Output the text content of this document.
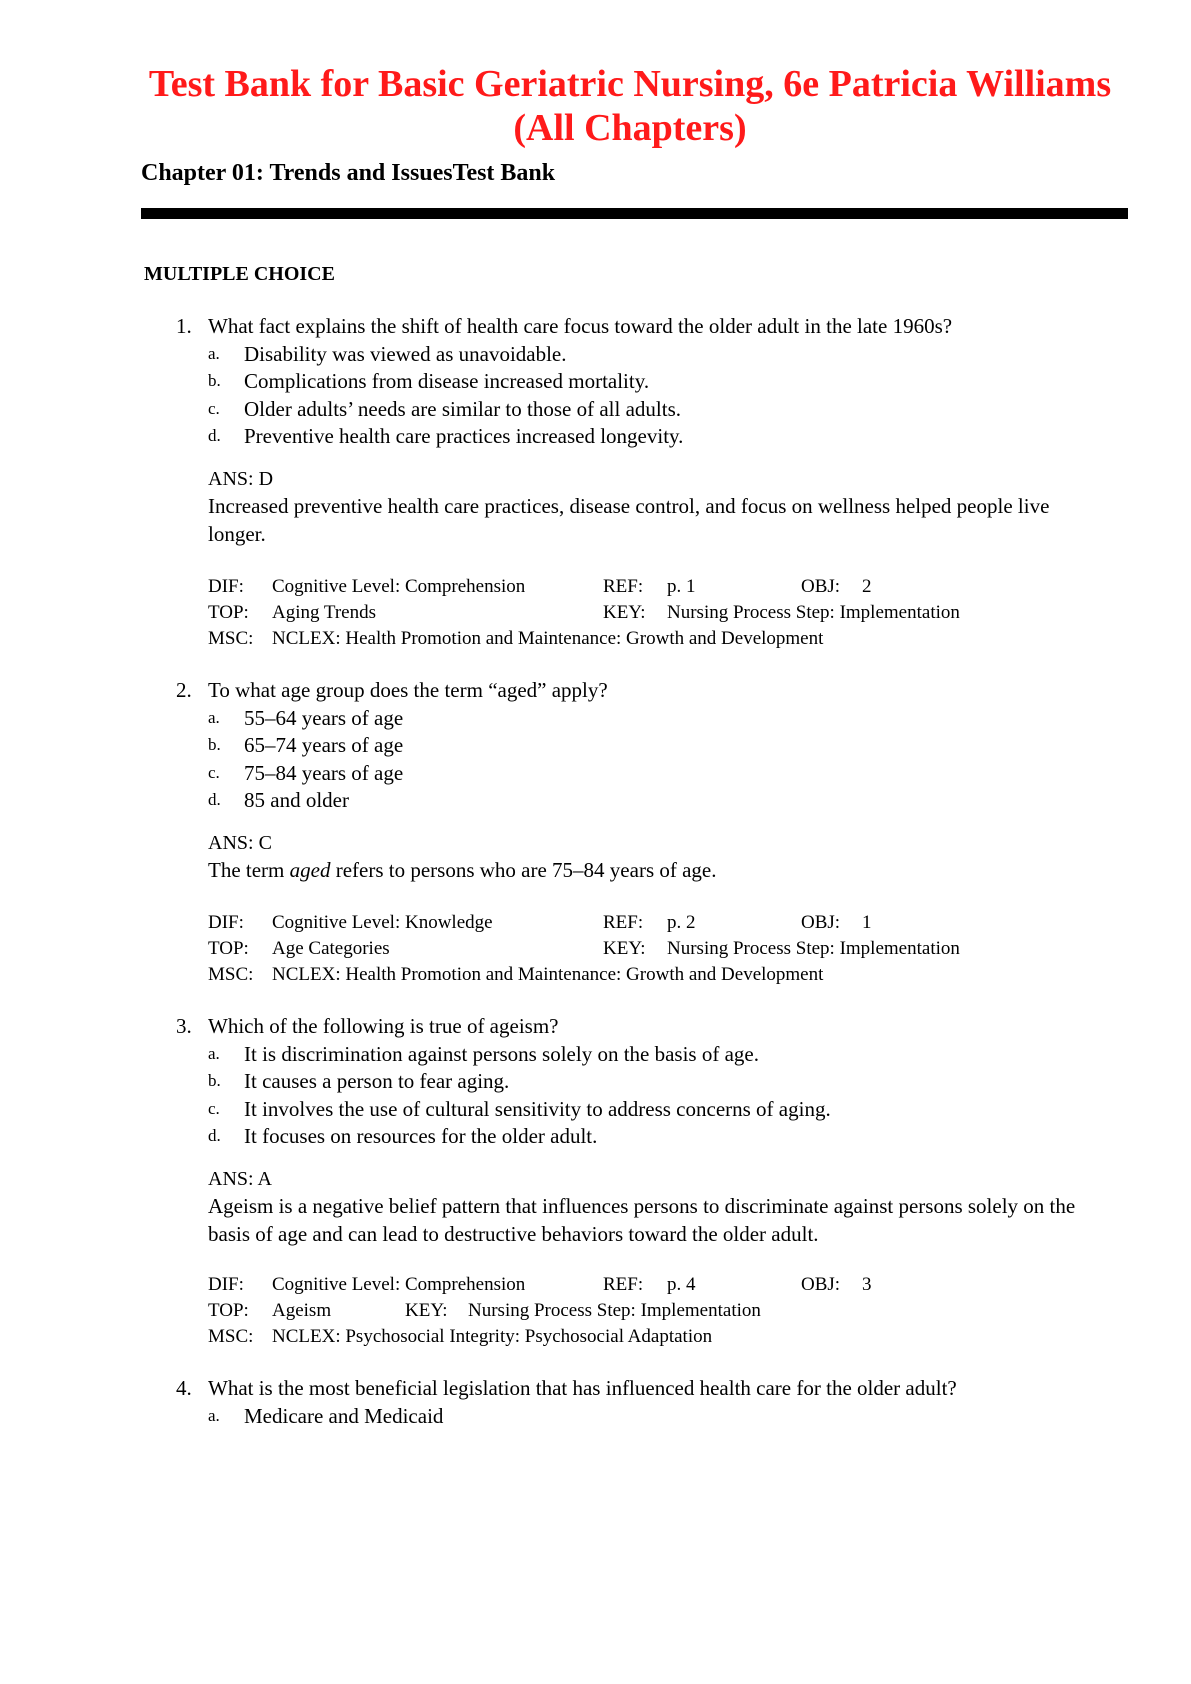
Test Bank for Basic Geriatric Nursing, 6e Patricia Williams (All Chapters)
Chapter 01: Trends and IssuesTest Bank
MULTIPLE CHOICE
1. What fact explains the shift of health care focus toward the older adult in the late 1960s?
a. Disability was viewed as unavoidable.
b. Complications from disease increased mortality.
c. Older adults’ needs are similar to those of all adults.
d. Preventive health care practices increased longevity.
ANS: D
Increased preventive health care practices, disease control, and focus on wellness helped people live longer.
DIF: Cognitive Level: Comprehension	REF: p. 1	OBJ: 2
TOP: Aging Trends	KEY: Nursing Process Step: Implementation
MSC: NCLEX: Health Promotion and Maintenance: Growth and Development
2. To what age group does the term “aged” apply?
a. 55–64 years of age
b. 65–74 years of age
c. 75–84 years of age
d. 85 and older
ANS: C
The term aged refers to persons who are 75–84 years of age.
DIF: Cognitive Level: Knowledge	REF: p. 2	OBJ: 1
TOP: Age Categories	KEY: Nursing Process Step: Implementation
MSC: NCLEX: Health Promotion and Maintenance: Growth and Development
3. Which of the following is true of ageism?
a. It is discrimination against persons solely on the basis of age.
b. It causes a person to fear aging.
c. It involves the use of cultural sensitivity to address concerns of aging.
d. It focuses on resources for the older adult.
ANS: A
Ageism is a negative belief pattern that influences persons to discriminate against persons solely on the basis of age and can lead to destructive behaviors toward the older adult.
DIF: Cognitive Level: Comprehension	REF: p. 4	OBJ: 3
TOP: Ageism	KEY: Nursing Process Step: Implementation
MSC: NCLEX: Psychosocial Integrity: Psychosocial Adaptation
4. What is the most beneficial legislation that has influenced health care for the older adult?
a. Medicare and Medicaid
